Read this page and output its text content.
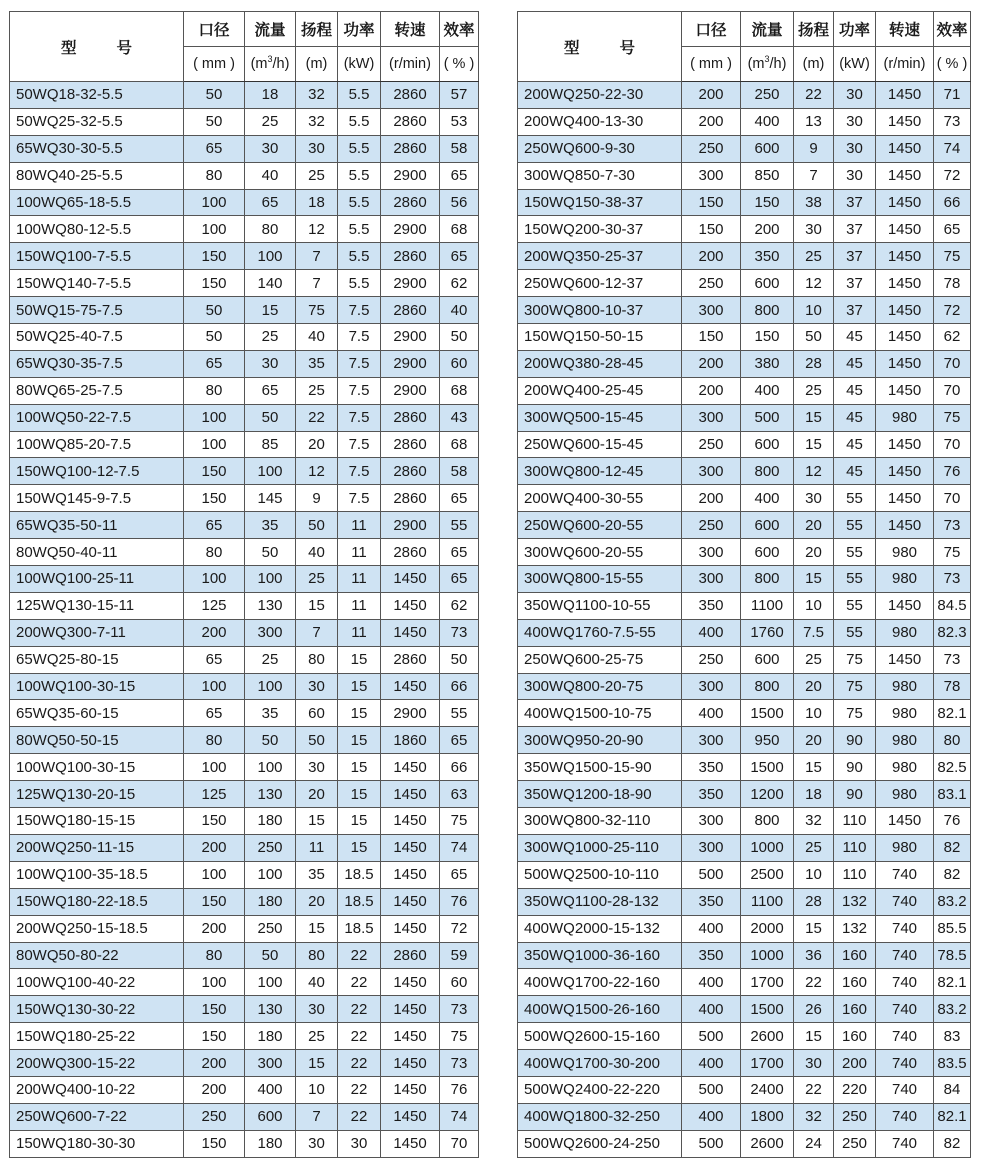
型 号	口径	流量	扬程	功率	转速	效率
	( mm )	$(m^3/h)$	(m)	(kW)	(r/min)	( % )
50WQ18-32-5.5	50	18	32	5.5	2860	57
50WQ25-32-5.5	50	25	32	5.5	2860	53
65WQ30-30-5.5	65	30	30	5.5	2860	58
80WQ40-25-5.5	80	40	25	5.5	2900	65
100WQ65-18-5.5	100	65	18	5.5	2860	56
100WQ80-12-5.5	100	80	12	5.5	2900	68
150WQ100-7-5.5	150	100	7	5.5	2860	65
150WQ140-7-5.5	150	140	7	5.5	2900	62
50WQ15-75-7.5	50	15	75	7.5	2860	40
50WQ25-40-7.5	50	25	40	7.5	2900	50
65WQ30-35-7.5	65	30	35	7.5	2900	60
80WQ65-25-7.5	80	65	25	7.5	2900	68
100WQ50-22-7.5	100	50	22	7.5	2860	43
100WQ85-20-7.5	100	85	20	7.5	2860	68
150WQ100-12-7.5	150	100	12	7.5	2860	58
150WQ145-9-7.5	150	145	9	7.5	2860	65
65WQ35-50-11	65	35	50	11	2900	55
80WQ50-40-11	80	50	40	11	2860	65
100WQ100-25-11	100	100	25	11	1450	65
125WQ130-15-11	125	130	15	11	1450	62
200WQ300-7-11	200	300	7	11	1450	73
65WQ25-80-15	65	25	80	15	2860	50
100WQ100-30-15	100	100	30	15	1450	66
65WQ35-60-15	65	35	60	15	2900	55
80WQ50-50-15	80	50	50	15	1860	65
100WQ100-30-15	100	100	30	15	1450	66
125WQ130-20-15	125	130	20	15	1450	63
150WQ180-15-15	150	180	15	15	1450	75
200WQ250-11-15	200	250	11	15	1450	74
100WQ100-35-18.5	100	100	35	18.5	1450	65
150WQ180-22-18.5	150	180	20	18.5	1450	76
200WQ250-15-18.5	200	250	15	18.5	1450	72
80WQ50-80-22	80	50	80	22	2860	59
100WQ100-40-22	100	100	40	22	1450	60
150WQ130-30-22	150	130	30	22	1450	73
150WQ180-25-22	150	180	25	22	1450	75
200WQ300-15-22	200	300	15	22	1450	73
200WQ400-10-22	200	400	10	22	1450	76
250WQ600-7-22	250	600	7	22	1450	74
150WQ180-30-30	150	180	30	30	1450	70
型 号	口径	流量	扬程	功率	转速	效率
	( mm )	$(m^3/h)$	(m)	(kW)	(r/min)	( % )
200WQ250-22-30	200	250	22	30	1450	71
200WQ400-13-30	200	400	13	30	1450	73
250WQ600-9-30	250	600	9	30	1450	74
300WQ850-7-30	300	850	7	30	1450	72
150WQ150-38-37	150	150	38	37	1450	66
150WQ200-30-37	150	200	30	37	1450	65
200WQ350-25-37	200	350	25	37	1450	75
250WQ600-12-37	250	600	12	37	1450	78
300WQ800-10-37	300	800	10	37	1450	72
150WQ150-50-15	150	150	50	45	1450	62
200WQ380-28-45	200	380	28	45	1450	70
200WQ400-25-45	200	400	25	45	1450	70
300WQ500-15-45	300	500	15	45	980	75
250WQ600-15-45	250	600	15	45	1450	70
300WQ800-12-45	300	800	12	45	1450	76
200WQ400-30-55	200	400	30	55	1450	70
250WQ600-20-55	250	600	20	55	1450	73
300WQ600-20-55	300	600	20	55	980	75
300WQ800-15-55	300	800	15	55	980	73
350WQ1100-10-55	350	1100	10	55	1450	84.5
400WQ1760-7.5-55	400	1760	7.5	55	980	82.3
250WQ600-25-75	250	600	25	75	1450	73
300WQ800-20-75	300	800	20	75	980	78
400WQ1500-10-75	400	1500	10	75	980	82.1
300WQ950-20-90	300	950	20	90	980	80
350WQ1500-15-90	350	1500	15	90	980	82.5
350WQ1200-18-90	350	1200	18	90	980	83.1
300WQ800-32-110	300	800	32	110	1450	76
300WQ1000-25-110	300	1000	25	110	980	82
500WQ2500-10-110	500	2500	10	110	740	82
350WQ1100-28-132	350	1100	28	132	740	83.2
400WQ2000-15-132	400	2000	15	132	740	85.5
350WQ1000-36-160	350	1000	36	160	740	78.5
400WQ1700-22-160	400	1700	22	160	740	82.1
400WQ1500-26-160	400	1500	26	160	740	83.2
500WQ2600-15-160	500	2600	15	160	740	83
400WQ1700-30-200	400	1700	30	200	740	83.5
500WQ2400-22-220	500	2400	22	220	740	84
400WQ1800-32-250	400	1800	32	250	740	82.1
500WQ2600-24-250	500	2600	24	250	740	82
